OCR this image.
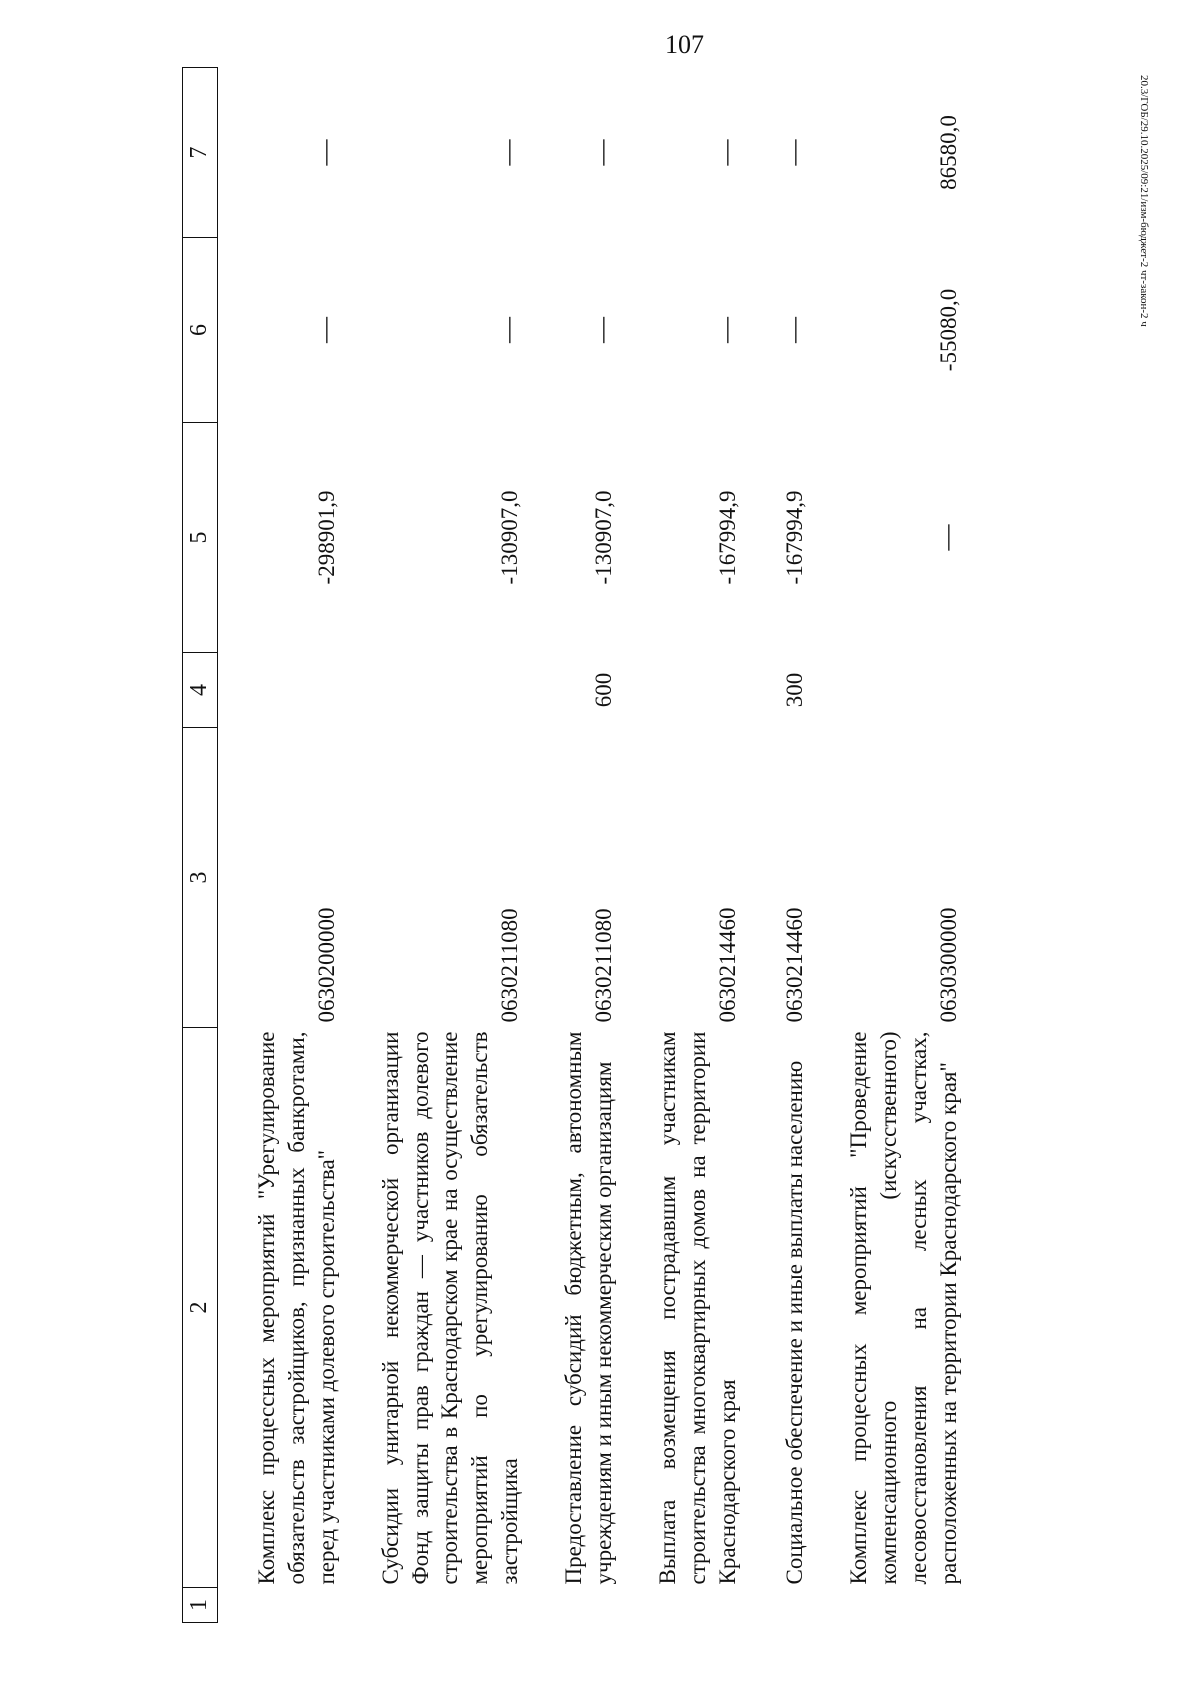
107
20.3/ГОБ/29.10.2025/09:21/изм-бюджет-2 чт-закон-2 ч
1	2	3	4	5	6	7

Комплекс процессных мероприятий "Урегулирование обязательств застройщиков, признанных банкротами, перед участниками долевого строительства"		0630200000		-298901,9	—	—

Субсидии унитарной некоммерческой организации Фонд защиты прав граждан — участников долевого строительства в Краснодарском крае на осуществление мероприятий по урегулированию обязательств застройщика		0630211080		-130907,0	—	—

Предоставление субсидий бюджетным, автономным учреждениям и иным некоммерческим организациям		0630211080	600	-130907,0	—	—

Выплата возмещения пострадавшим участникам строительства многоквартирных домов на территории Краснодарского края		0630214460		-167994,9	—	—

Социальное обеспечение и иные выплаты населению		0630214460	300	-167994,9	—	—

Комплекс процессных мероприятий "Проведение компенсационного (искусственного) лесовосстановления на лесных участках, расположенных на территории Краснодарского края"		0630300000		—	-55080,0	86580,0
